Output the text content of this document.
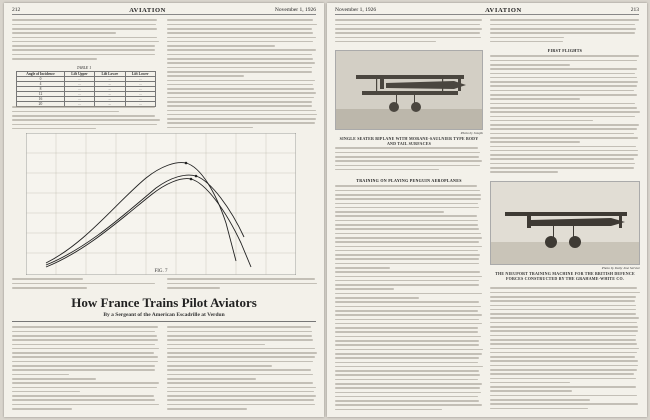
212	AVIATION	November 1, 1926
TABLE 1
Angle of Incidence	Lift Upper	Lift Lower	Lift Lower
0	...	...	...
4	...	...	...
8	...	...	...
12	...	...	...
16	...	...	...
20	...	...	...
FIG. 7
How France Trains Pilot Aviators
By a Sergeant of the American Escadrille at Verdun
November 1, 1926	AVIATION	213
Photo by Joseph
SINGLE SEATER BIPLANE WITH MORANE-SAULNIER TYPE BODY AND TAIL SURFACES
TRAINING ON PLAYING PENGUIN AEROPLANES
FIRST FLIGHTS
Photo by Daily Jose Service
THE NIEUPORT TRAINING MACHINE FOR THE BRITISH DEFENCE FORCES CONSTRUCTED BY THE GRAHAME-WHITE CO.
